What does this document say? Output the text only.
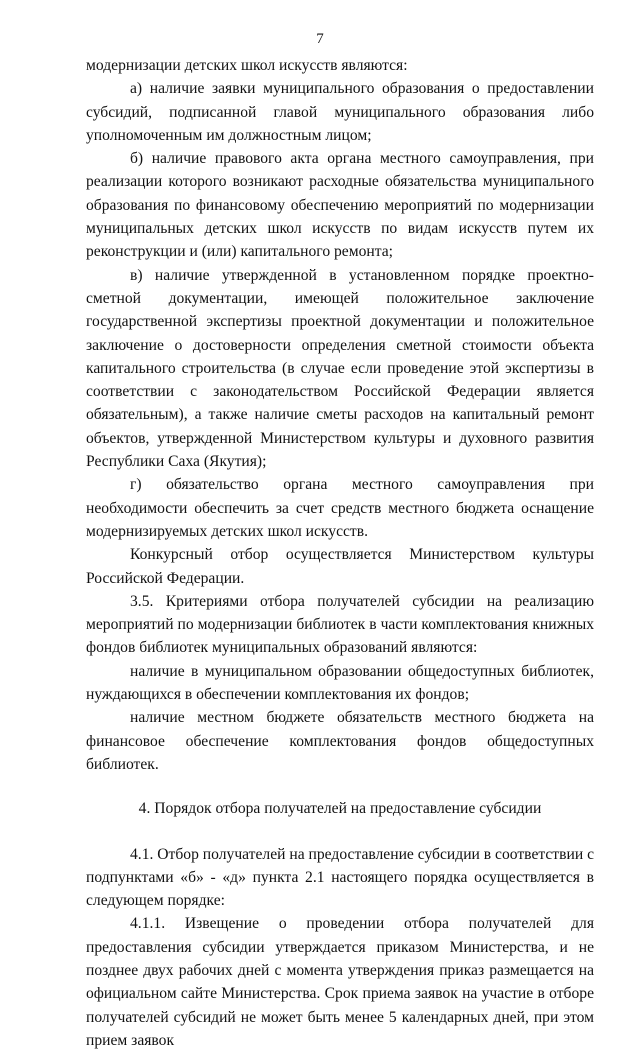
7

модернизации детских школ искусств являются:

а) наличие заявки муниципального образования о предоставлении субсидий, подписанной главой муниципального образования либо уполномоченным им должностным лицом;

б) наличие правового акта органа местного самоуправления, при реализации которого возникают расходные обязательства муниципального образования по финансовому обеспечению мероприятий по модернизации муниципальных детских школ искусств по видам искусств путем их реконструкции и (или) капитального ремонта;

в) наличие утвержденной в установленном порядке проектно-сметной документации, имеющей положительное заключение государственной экспертизы проектной документации и положительное заключение о достоверности определения сметной стоимости объекта капитального строительства (в случае если проведение этой экспертизы в соответствии с законодательством Российской Федерации является обязательным), а также наличие сметы расходов на капитальный ремонт объектов, утвержденной Министерством культуры и духовного развития Республики Саха (Якутия);

г) обязательство органа местного самоуправления при необходимости обеспечить за счет средств местного бюджета оснащение модернизируемых детских школ искусств.

Конкурсный отбор осуществляется Министерством культуры Российской Федерации.

3.5. Критериями отбора получателей субсидии на реализацию мероприятий по модернизации библиотек в части комплектования книжных фондов библиотек муниципальных образований являются:

наличие в муниципальном образовании общедоступных библиотек, нуждающихся в обеспечении комплектования их фондов;

наличие местном бюджете обязательств местного бюджета на финансовое обеспечение комплектования фондов общедоступных библиотек.

4. Порядок отбора получателей на предоставление субсидии

4.1. Отбор получателей на предоставление субсидии в соответствии с подпунктами «б» - «д» пункта 2.1 настоящего порядка осуществляется в следующем порядке:

4.1.1. Извещение о проведении отбора получателей для предоставления субсидии утверждается приказом Министерства, и не позднее двух рабочих дней с момента утверждения приказ размещается на официальном сайте Министерства. Срок приема заявок на участие в отборе получателей субсидий не может быть менее 5 календарных дней, при этом прием заявок
